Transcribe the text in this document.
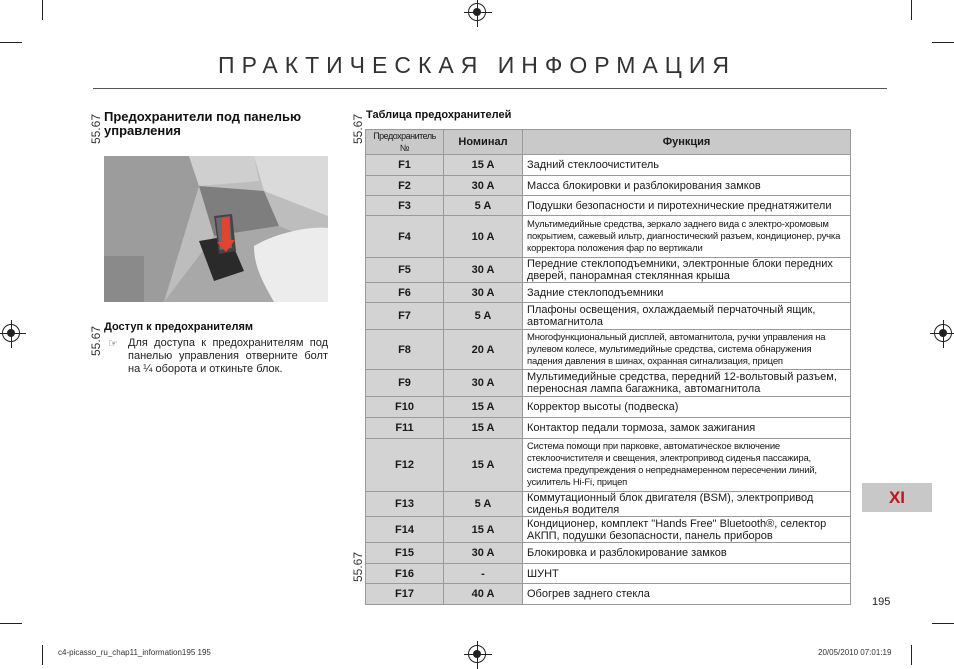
ПРАКТИЧЕСКАЯ ИНФОРМАЦИЯ
55.67 Предохранители под панелью
управления
55.67 Доступ к предохранителям
☞ Для доступа к предохранителям под панелью управления отверните болт на ¼ оборота и откиньте блок.
55.67 Таблица предохранителей
55.67
Предохранитель №	Номинал	Функция
F1	15 A	Задний стеклоочиститель
F2	30 A	Масса блокировки и разблокирования замков
F3	5 A	Подушки безопасности и пиротехнические преднатяжители
F4	10 A	Мультимедийные средства, зеркало заднего вида с электро-хромовым покрытием, сажевый ильтр, диагностический разъем, кондиционер, ручка корректора положения фар по вертикали
F5	30 A	Передние стеклоподъемники, электронные блоки передних дверей, панорамная стеклянная крыша
F6	30 A	Задние стеклоподъемники
F7	5 A	Плафоны освещения, охлаждаемый перчаточный ящик, автомагнитола
F8	20 A	Многофункциональный дисплей, автомагнитола, ручки управления на рулевом колесе, мультимедийные средства, система обнаружения падения давления в шинах, охранная сигнализация, прицеп
F9	30 A	Мультимедийные средства, передний 12-вольтовый разъем, переносная лампа багажника, автомагнитола
F10	15 A	Корректор высоты (подвеска)
F11	15 A	Контактор педали тормоза, замок зажигания
F12	15 A	Система помощи при парковке, автоматическое включение стеклоочистителя и свещения, электропривод сиденья пассажира, система предупреждения о непреднамеренном пересечении линий, усилитель Hi-Fi, прицеп
F13	5 A	Коммутационный блок двигателя (BSM), электропривод сиденья водителя
F14	15 A	Кондиционер, комплект "Hands Free" Bluetooth®, селектор АКПП, подушки безопасности, панель приборов
F15	30 A	Блокировка и разблокирование замков
F16	-	ШУНТ
F17	40 A	Обогрев заднего стекла
XI
195
c4-picasso_ru_chap11_information195 195	20/05/2010 07:01:19
